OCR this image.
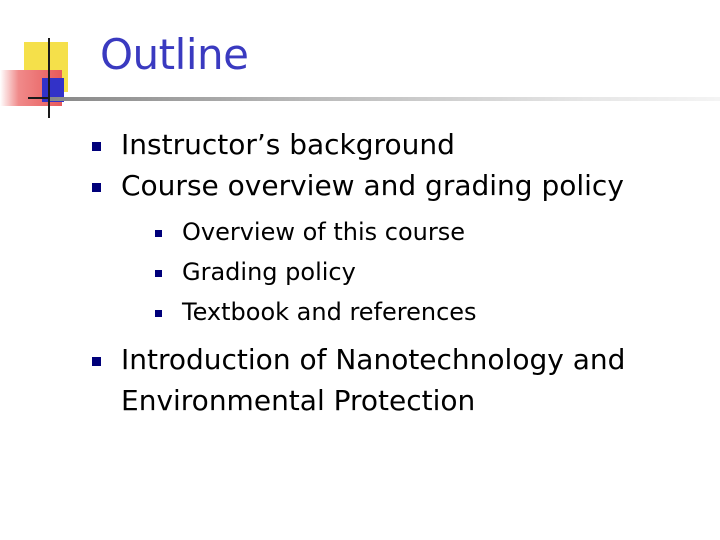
Outline
Instructor’s background
Course overview and grading policy
Overview of this course
Grading policy
Textbook and references
Introduction of Nanotechnology and Environmental Protection
